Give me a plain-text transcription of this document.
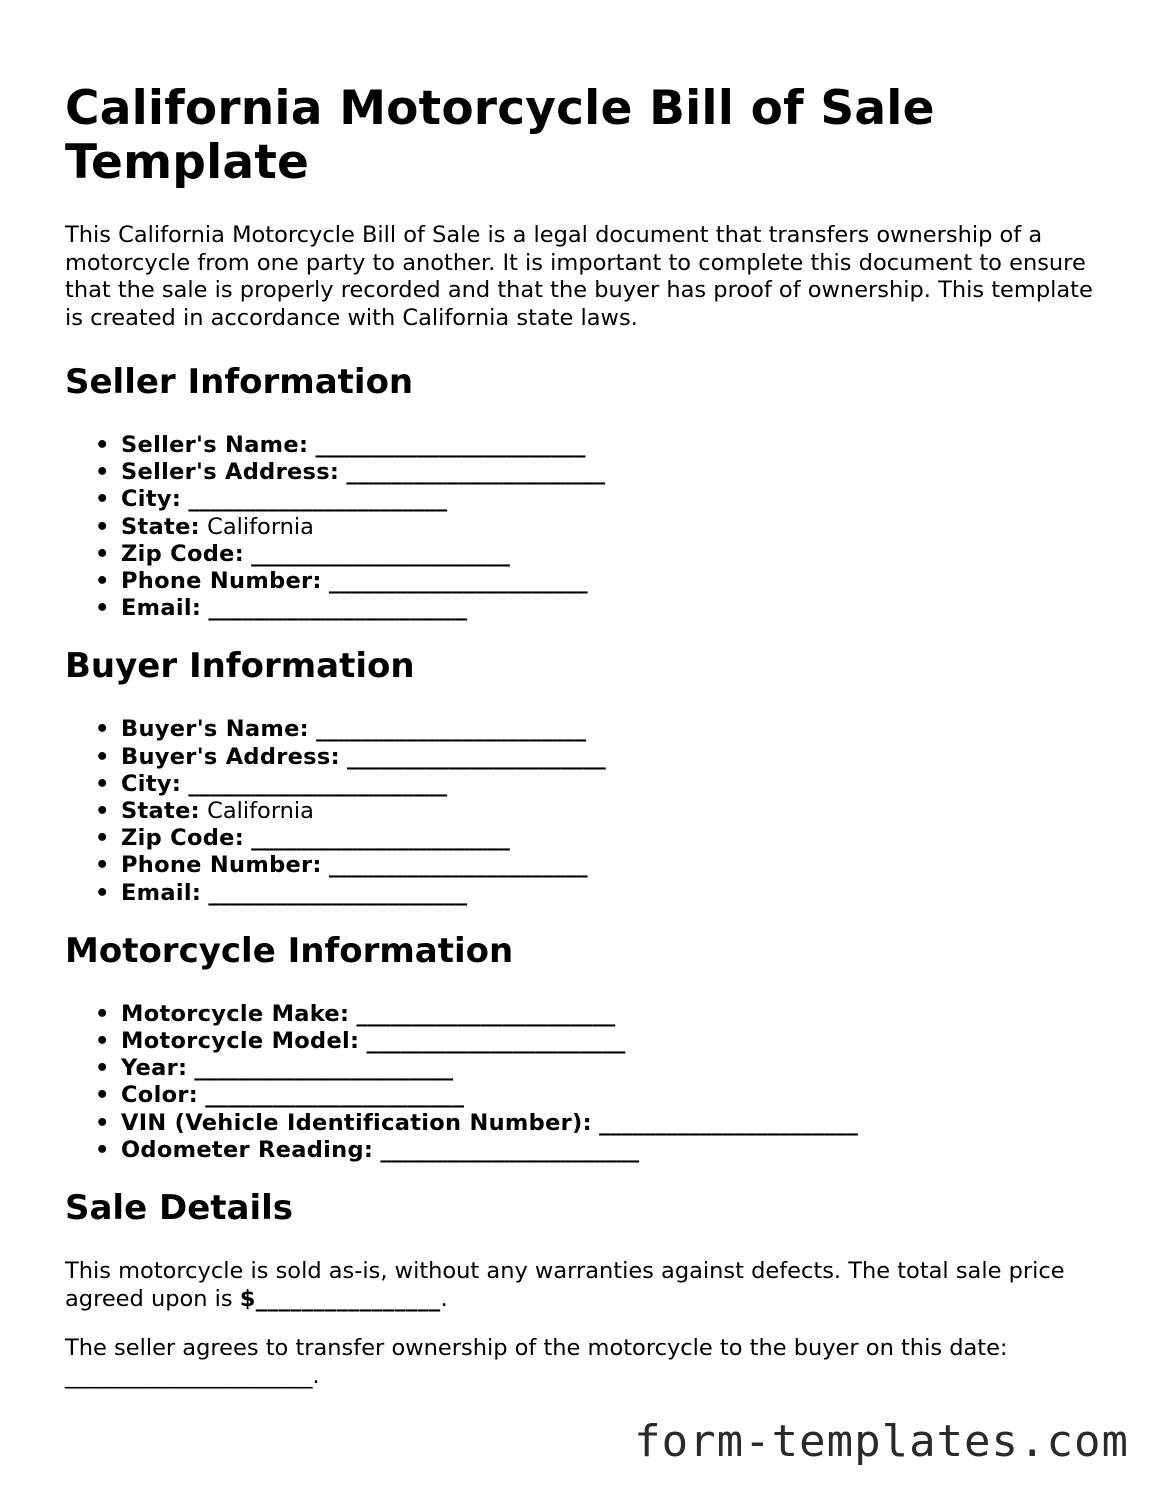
California Motorcycle Bill of Sale Template

This California Motorcycle Bill of Sale is a legal document that transfers ownership of a motorcycle from one party to another. It is important to complete this document to ensure that the sale is properly recorded and that the buyer has proof of ownership. This template is created in accordance with California state laws.

Seller Information
• Seller's Name: ________________________
• Seller's Address: _______________________
• City: _______________________
• State: California
• Zip Code: _______________________
• Phone Number: _______________________
• Email: _______________________
Buyer Information
• Buyer's Name: ________________________
• Buyer's Address: _______________________
• City: _______________________
• State: California
• Zip Code: _______________________
• Phone Number: _______________________
• Email: _______________________
Motorcycle Information
• Motorcycle Make: _______________________
• Motorcycle Model: _______________________
• Year: _______________________
• Color: _______________________
• VIN (Vehicle Identification Number): _______________________
• Odometer Reading: _______________________
Sale Details

This motorcycle is sold as-is, without any warranties against defects. The total sale price agreed upon is $________________.

The seller agrees to transfer ownership of the motorcycle to the buyer on this date: ______________________.

form-templates.com
